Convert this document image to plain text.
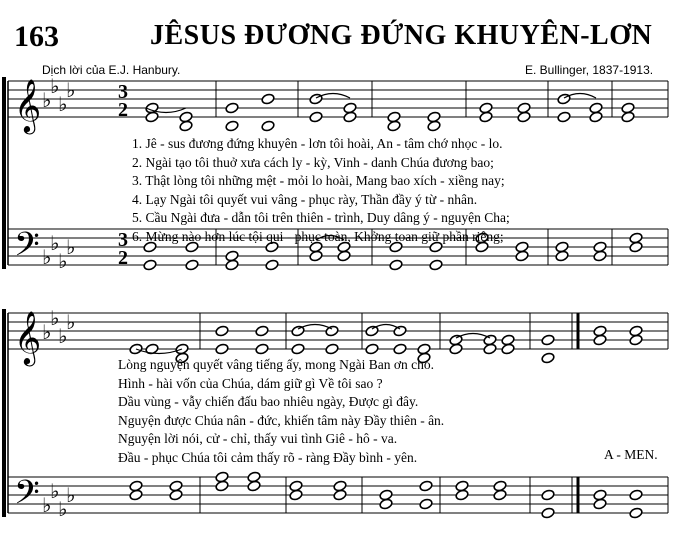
163	JÊSUS ĐƯƠNG ĐỨNG KHUYÊN-LƠN
Dịch lời của E.J. Hanbury.	E. Bullinger, 1837-1913.
𝄞
𝄢
♭
♭
♭
♭
♭
♭
♭
♭
3
2
3
2
𝄞
𝄢
♭
♭
♭
♭
♭
♭
♭
♭
1. Jê - sus đương đứng khuyên - lơn tôi hoài, An - tâm chớ nhọc - lo.
2. Ngài tạo tôi thuở xưa cách ly - kỳ, Vinh - danh Chúa đương bao;
3. Thật lòng tôi những mệt - mỏi lo hoài, Mang bao xích - xiềng nay;
4. Lạy Ngài tôi quyết vui vâng - phục rày, Thần đầy ý từ - nhân.
5. Cầu Ngài đưa - dẫn tôi trên thiên - trình, Duy dâng ý - nguyện Cha;
6. Mừng nào hơn lúc tội qui - phục toàn, Khởng toan giữ phần riêng;
Lòng nguyện quyết vâng tiếng ấy, mong Ngài Ban ơn cho.
Hình - hài vốn của Chúa, dám giữ gì Về tôi sao ?
Dầu vùng - vẫy chiến đấu bao nhiêu ngày, Được gì đây.
Nguyện được Chúa nân - đức, khiến tâm này Đầy thiên - ân.
Nguyện lời nói, cử - chỉ, thấy vui tình Giê - hô - va.
Đầu - phục Chúa tôi cảm thấy rõ - ràng Đầy bình - yên.	A - MEN.
